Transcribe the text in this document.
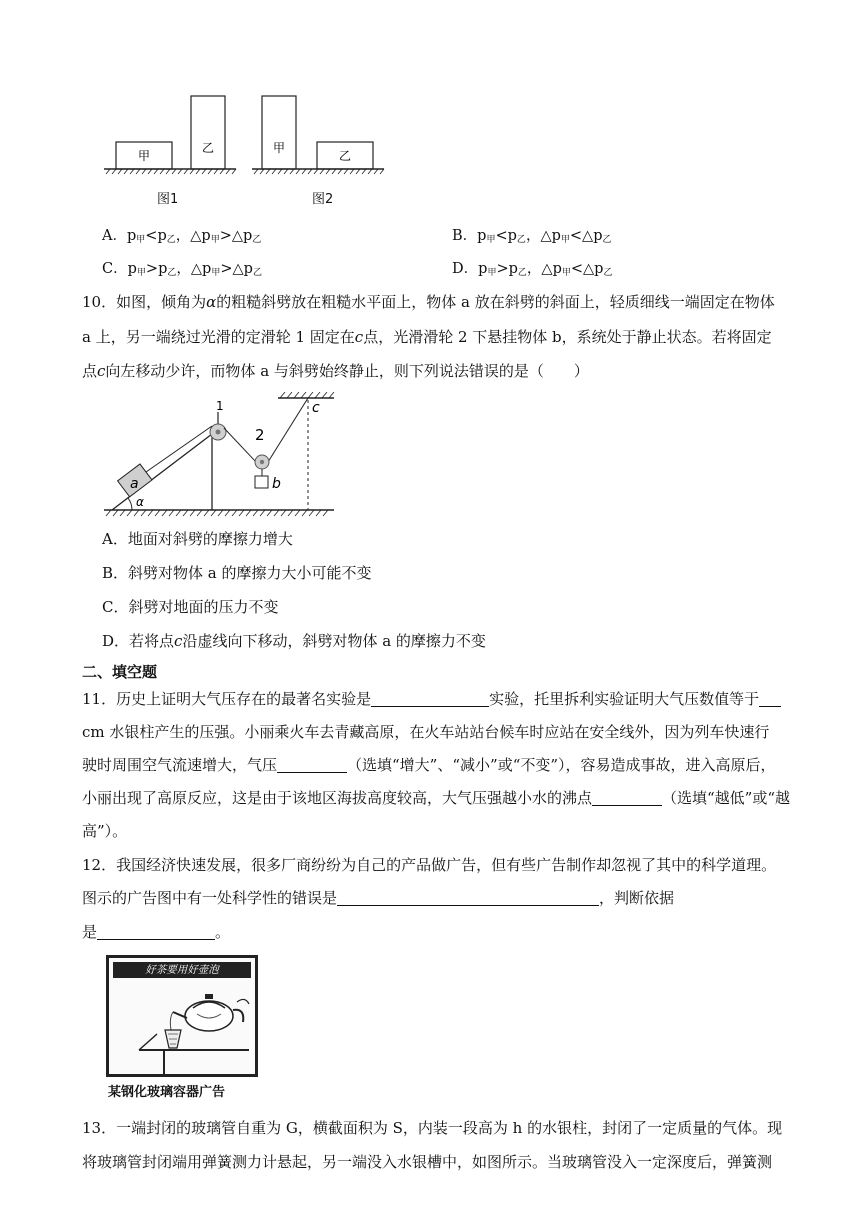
甲
乙
图1
甲
乙
图2
A．$p_甲<p_乙$，$\triangle p_甲>\triangle p_乙$	B．$p_甲<p_乙$，$\triangle p_甲<\triangle p_乙$
C．$p_甲>p_乙$，$\triangle p_甲>\triangle p_乙$	D．$p_甲>p_乙$，$\triangle p_甲<\triangle p_乙$
10．如图，倾角为α的粗糙斜劈放在粗糙水平面上，物体 a 放在斜劈的斜面上，轻质细线一端固定在物体
a 上，另一端绕过光滑的定滑轮 1 固定在c点，光滑滑轮 2 下悬挂物体 b，系统处于静止状态。若将固定
点c向左移动少许，而物体 a 与斜劈始终静止，则下列说法错误的是（　　）
a
α
1
2
b
c
A．地面对斜劈的摩擦力增大
B．斜劈对物体 a 的摩擦力大小可能不变
C．斜劈对地面的压力不变
D．若将点c沿虚线向下移动，斜劈对物体 a 的摩擦力不变
二、填空题
11．历史上证明大气压存在的最著名实验是	实验，托里拆利实验证明大气压数值等于
cm 水银柱产生的压强。小丽乘火车去青藏高原，在火车站站台候车时应站在安全线外，因为列车快速行
驶时周围空气流速增大，气压	（选填“增大”、“减小”或“不变”），容易造成事故，进入高原后，
小丽出现了高原反应，这是由于该地区海拔高度较高，大气压强越小水的沸点	（选填“越低”或“越
高”）。
12．我国经济快速发展，很多厂商纷纷为自己的产品做广告，但有些广告制作却忽视了其中的科学道理。
图示的广告图中有一处科学性的错误是	，判断依据
是	。
好茶要用好壶泡
某钢化玻璃容器广告
13．一端封闭的玻璃管自重为 G，横截面积为 S，内装一段高为 h 的水银柱，封闭了一定质量的气体。现
将玻璃管封闭端用弹簧测力计悬起，另一端没入水银槽中，如图所示。当玻璃管没入一定深度后，弹簧测
